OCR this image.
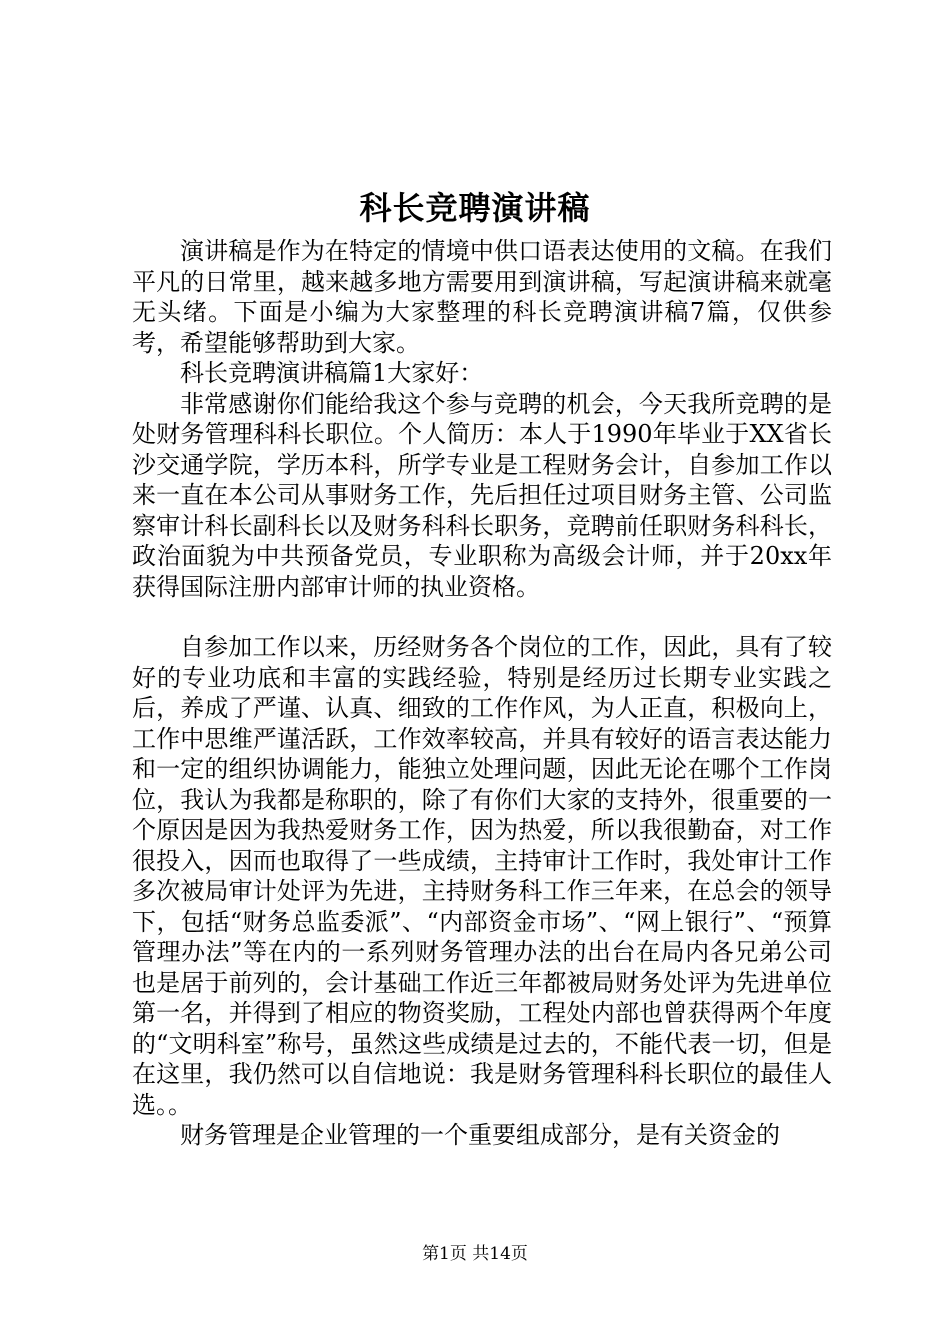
科长竞聘演讲稿

演讲稿是作为在特定的情境中供口语表达使用的文稿。在我们平凡的日常里，越来越多地方需要用到演讲稿，写起演讲稿来就毫无头绪。下面是小编为大家整理的科长竞聘演讲稿7篇，仅供参考，希望能够帮助到大家。

科长竞聘演讲稿篇1大家好：

非常感谢你们能给我这个参与竞聘的机会，今天我所竞聘的是处财务管理科科长职位。个人简历：本人于1990年毕业于XX省长沙交通学院，学历本科，所学专业是工程财务会计，自参加工作以来一直在本公司从事财务工作，先后担任过项目财务主管、公司监察审计科长副科长以及财务科科长职务，竞聘前任职财务科科长，政治面貌为中共预备党员，专业职称为高级会计师，并于20xx年获得国际注册内部审计师的执业资格。

自参加工作以来，历经财务各个岗位的工作，因此，具有了较好的专业功底和丰富的实践经验，特别是经历过长期专业实践之后，养成了严谨、认真、细致的工作作风，为人正直，积极向上，工作中思维严谨活跃，工作效率较高，并具有较好的语言表达能力和一定的组织协调能力，能独立处理问题，因此无论在哪个工作岗位，我认为我都是称职的，除了有你们大家的支持外，很重要的一个原因是因为我热爱财务工作，因为热爱，所以我很勤奋，对工作很投入，因而也取得了一些成绩，主持审计工作时，我处审计工作多次被局审计处评为先进，主持财务科工作三年来，在总会的领导下，包括“财务总监委派”、“内部资金市场”、“网上银行”、“预算管理办法”等在内的一系列财务管理办法的出台在局内各兄弟公司也是居于前列的，会计基础工作近三年都被局财务处评为先进单位第一名，并得到了相应的物资奖励，工程处内部也曾获得两个年度的“文明科室”称号，虽然这些成绩是过去的，不能代表一切，但是在这里，我仍然可以自信地说：我是财务管理科科长职位的最佳人选。。

财务管理是企业管理的一个重要组成部分，是有关资金的

第1页 共14页
